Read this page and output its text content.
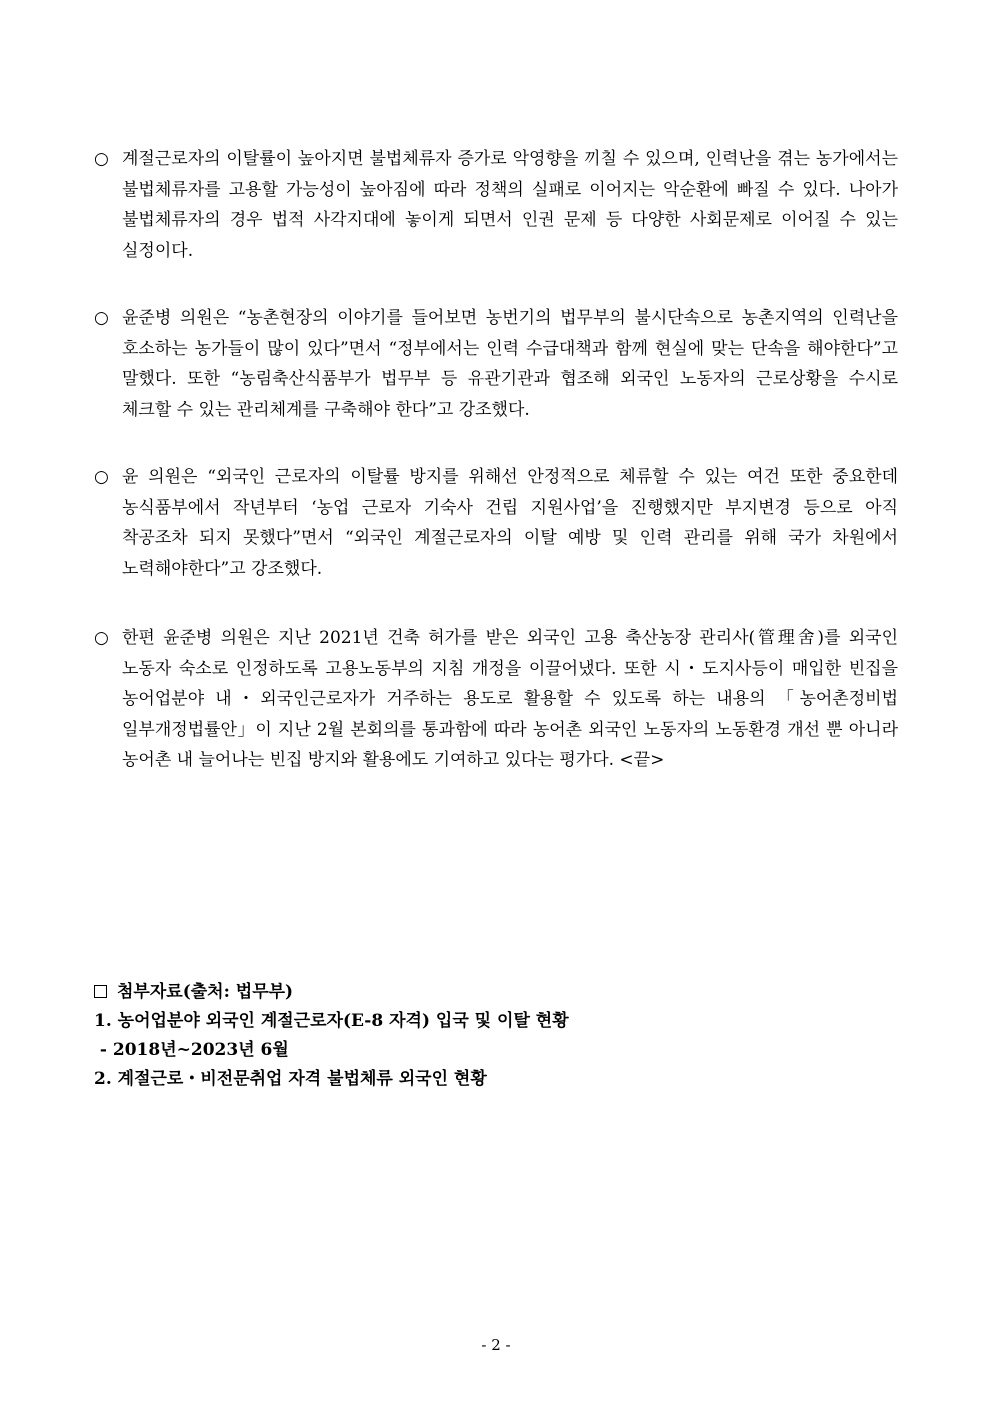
○ 계절근로자의 이탈률이 높아지면 불법체류자 증가로 악영향을 끼칠 수 있으며, 인력난을 겪는 농가에서는 불법체류자를 고용할 가능성이 높아짐에 따라 정책의 실패로 이어지는 악순환에 빠질 수 있다. 나아가 불법체류자의 경우 법적 사각지대에 놓이게 되면서 인권 문제 등 다양한 사회문제로 이어질 수 있는 실정이다.
○ 윤준병 의원은 “농촌현장의 이야기를 들어보면 농번기의 법무부의 불시단속으로 농촌지역의 인력난을 호소하는 농가들이 많이 있다”면서 “정부에서는 인력 수급대책과 함께 현실에 맞는 단속을 해야한다”고 말했다. 또한 “농림축산식품부가 법무부 등 유관기관과 협조해 외국인 노동자의 근로상황을 수시로 체크할 수 있는 관리체계를 구축해야 한다”고 강조했다.
○ 윤 의원은 “외국인 근로자의 이탈률 방지를 위해선 안정적으로 체류할 수 있는 여건 또한 중요한데 농식품부에서 작년부터 ‘농업 근로자 기숙사 건립 지원사업’을 진행했지만 부지변경 등으로 아직 착공조차 되지 못했다”면서 “외국인 계절근로자의 이탈 예방 및 인력 관리를 위해 국가 차원에서 노력해야한다”고 강조했다.
○ 한편 윤준병 의원은 지난 2021년 건축 허가를 받은 외국인 고용 축산농장 관리사(管理舍)를 외국인 노동자 숙소로 인정하도록 고용노동부의 지침 개정을 이끌어냈다. 또한 시・도지사등이 매입한 빈집을 농어업분야 내・외국인근로자가 거주하는 용도로 활용할 수 있도록 하는 내용의 「농어촌정비법 일부개정법률안」이 지난 2월 본회의를 통과함에 따라 농어촌 외국인 노동자의 노동환경 개선 뿐 아니라 농어촌 내 늘어나는 빈집 방지와 활용에도 기여하고 있다는 평가다. <끝>
첨부자료(출처: 법무부)
1. 농어업분야 외국인 계절근로자(E-8 자격) 입국 및 이탈 현황
- 2018년~2023년 6월
2. 계절근로・비전문취업 자격 불법체류 외국인 현황
- 2 -
